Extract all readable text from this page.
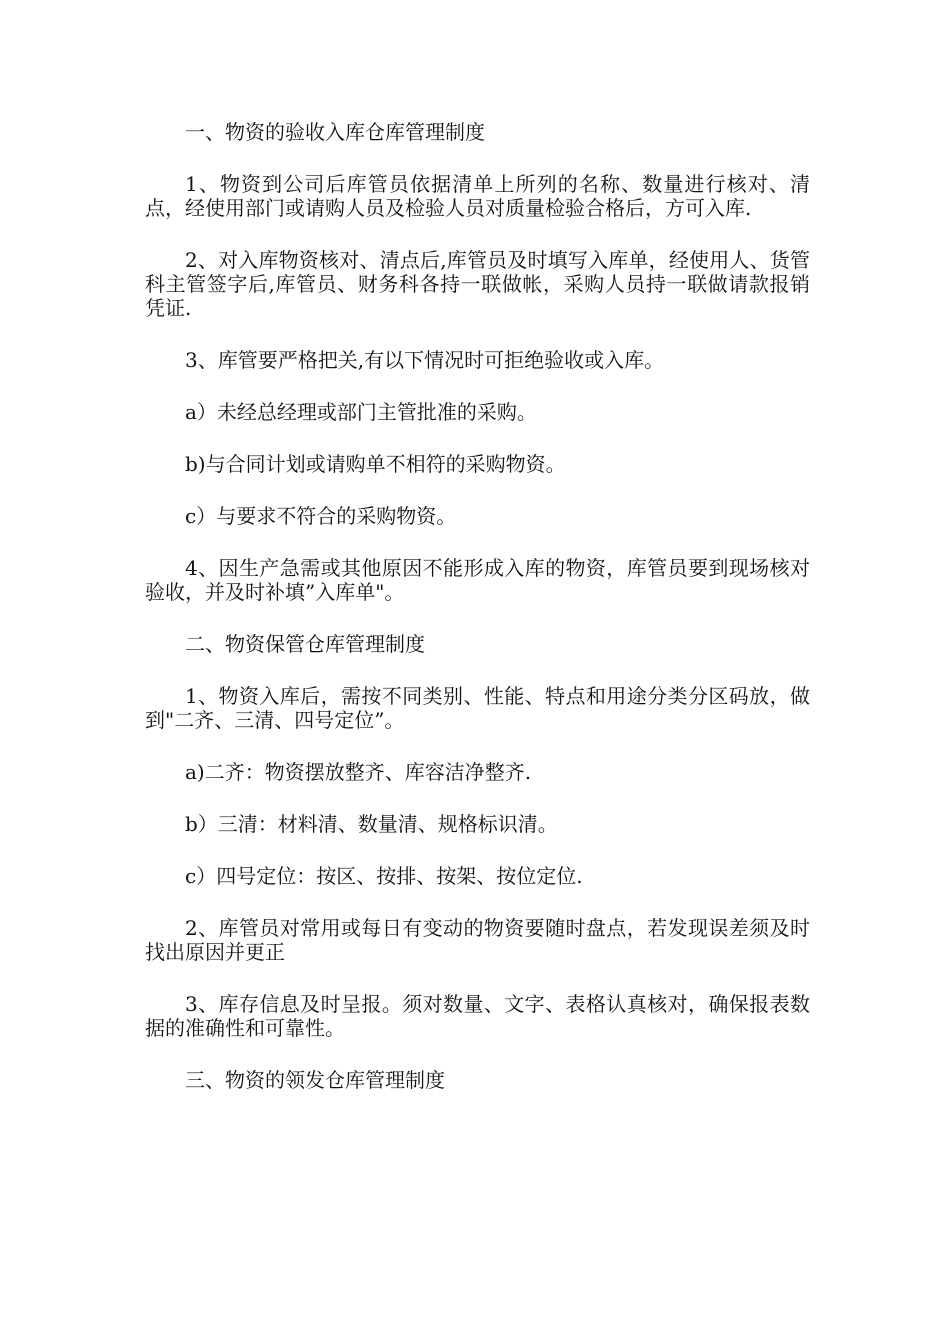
一、物资的验收入库仓库管理制度

1、物资到公司后库管员依据清单上所列的名称、数量进行核对、清点，经使用部门或请购人员及检验人员对质量检验合格后，方可入库.

2、对入库物资核对、清点后,库管员及时填写入库单，经使用人、货管科主管签字后,库管员、财务科各持一联做帐，采购人员持一联做请款报销凭证.

3、库管要严格把关,有以下情况时可拒绝验收或入库。

a）未经总经理或部门主管批准的采购。

b)与合同计划或请购单不相符的采购物资。

c）与要求不符合的采购物资。

4、因生产急需或其他原因不能形成入库的物资，库管员要到现场核对验收，并及时补填”入库单"。

二、物资保管仓库管理制度

1、物资入库后，需按不同类别、性能、特点和用途分类分区码放，做到"二齐、三清、四号定位”。

a)二齐：物资摆放整齐、库容洁净整齐.

b）三清：材料清、数量清、规格标识清。

c）四号定位：按区、按排、按架、按位定位.

2、库管员对常用或每日有变动的物资要随时盘点，若发现误差须及时找出原因并更正

3、库存信息及时呈报。须对数量、文字、表格认真核对，确保报表数据的准确性和可靠性。

三、物资的领发仓库管理制度
